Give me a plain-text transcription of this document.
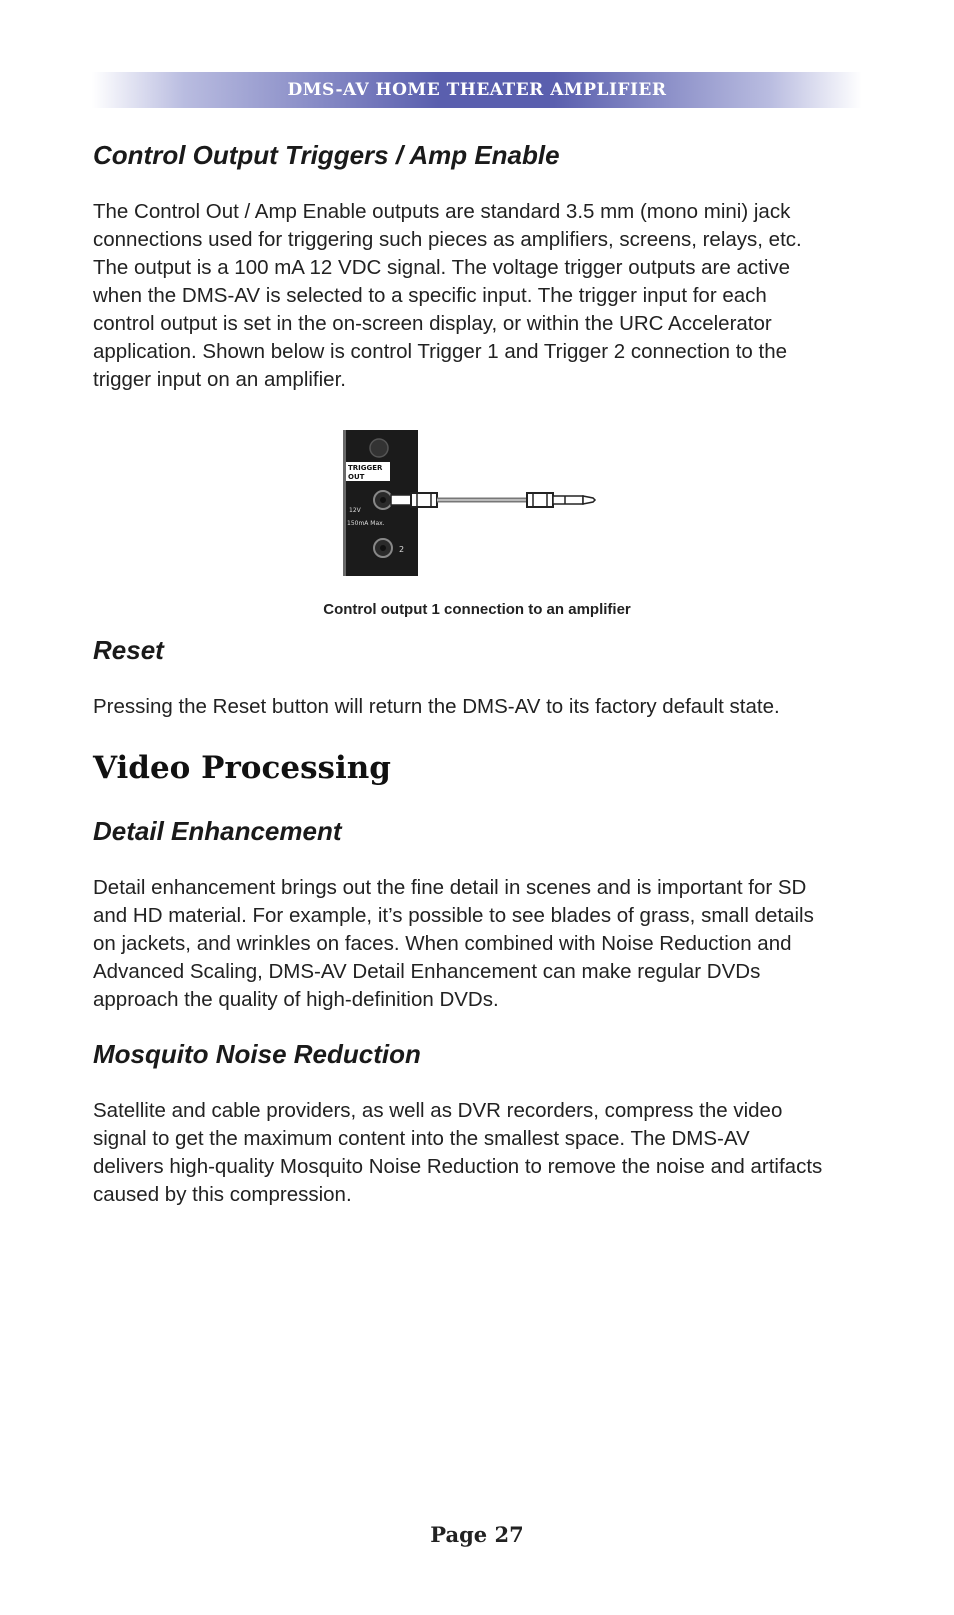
DMS-AV HOME THEATER AMPLIFIER
Control Output Triggers / Amp Enable
The Control Out / Amp Enable outputs are standard 3.5 mm (mono mini) jack
connections used for triggering such pieces as amplifiers, screens, relays, etc.
The output is a 100 mA 12 VDC signal. The voltage trigger outputs are active
when the DMS-AV is selected to a specific input. The trigger input for each
control output is set in the on-screen display, or within the URC Accelerator
application. Shown below is control Trigger 1 and Trigger 2 connection to the
trigger input on an amplifier.
TRIGGER
OUT
12V
150mA Max.
2

Control output 1 connection to an amplifier

Reset

Pressing the Reset button will return the DMS-AV to its factory default state.

Video Processing
Detail Enhancement
Detail enhancement brings out the fine detail in scenes and is important for SD
and HD material. For example, it’s possible to see blades of grass, small details
on jackets, and wrinkles on faces. When combined with Noise Reduction and
Advanced Scaling, DMS-AV Detail Enhancement can make regular DVDs
approach the quality of high-definition DVDs.
Mosquito Noise Reduction
Satellite and cable providers, as well as DVR recorders, compress the video
signal to get the maximum content into the smallest space. The DMS-AV
delivers high-quality Mosquito Noise Reduction to remove the noise and artifacts
caused by this compression.

Page 27
